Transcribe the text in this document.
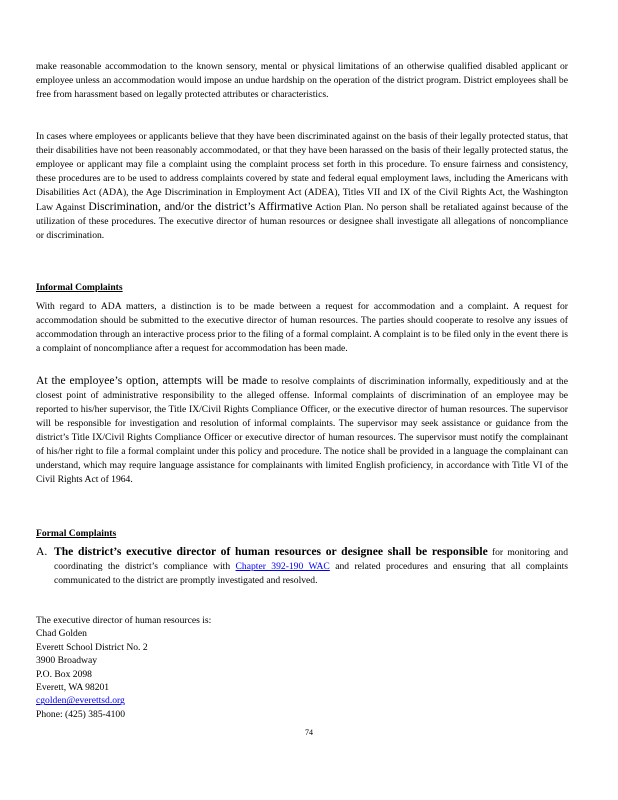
make reasonable accommodation to the known sensory, mental or physical limitations of an otherwise qualified disabled applicant or employee unless an accommodation would impose an undue hardship on the operation of the district program. District employees shall be free from harassment based on legally protected attributes or characteristics.

In cases where employees or applicants believe that they have been discriminated against on the basis of their legally protected status, that their disabilities have not been reasonably accommodated, or that they have been harassed on the basis of their legally protected status, the employee or applicant may file a complaint using the complaint process set forth in this procedure. To ensure fairness and consistency, these procedures are to be used to address complaints covered by state and federal equal employment laws, including the Americans with Disabilities Act (ADA), the Age Discrimination in Employment Act (ADEA), Titles VII and IX of the Civil Rights Act, the Washington Law Against Discrimination, and/or the district’s Affirmative Action Plan. No person shall be retaliated against because of the utilization of these procedures. The executive director of human resources or designee shall investigate all allegations of noncompliance or discrimination.

Informal Complaints

With regard to ADA matters, a distinction is to be made between a request for accommodation and a complaint. A request for accommodation should be submitted to the executive director of human resources. The parties should cooperate to resolve any issues of accommodation through an interactive process prior to the filing of a formal complaint. A complaint is to be filed only in the event there is a complaint of noncompliance after a request for accommodation has been made.

At the employee’s option, attempts will be made to resolve complaints of discrimination informally, expeditiously and at the closest point of administrative responsibility to the alleged offense. Informal complaints of discrimination of an employee may be reported to his/her supervisor, the Title IX/Civil Rights Compliance Officer, or the executive director of human resources. The supervisor will be responsible for investigation and resolution of informal complaints. The supervisor may seek assistance or guidance from the district’s Title IX/Civil Rights Compliance Officer or executive director of human resources. The supervisor must notify the complainant of his/her right to file a formal complaint under this policy and procedure. The notice shall be provided in a language the complainant can understand, which may require language assistance for complainants with limited English proficiency, in accordance with Title VI of the Civil Rights Act of 1964.

Formal Complaints

A. The district’s executive director of human resources or designee shall be responsible for monitoring and coordinating the district’s compliance with Chapter 392-190 WAC and related procedures and ensuring that all complaints communicated to the district are promptly investigated and resolved.

The executive director of human resources is:
Chad Golden
Everett School District No. 2
3900 Broadway
P.O. Box 2098
Everett, WA 98201
cgolden@everettsd.org
Phone: (425) 385-4100
74
